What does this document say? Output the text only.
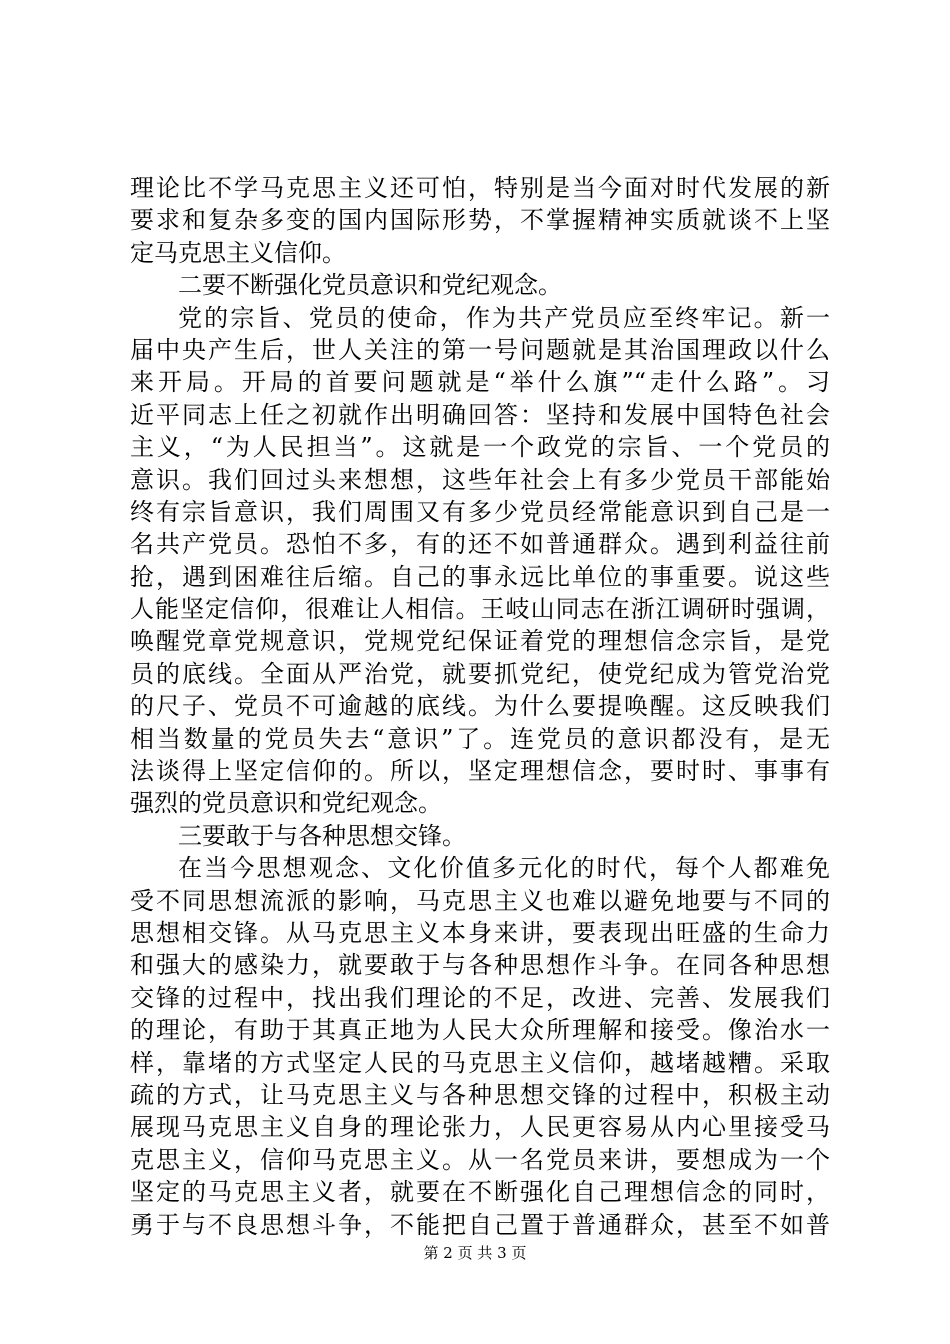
理论比不学马克思主义还可怕，特别是当今面对时代发展的新
要求和复杂多变的国内国际形势，不掌握精神实质就谈不上坚
定马克思主义信仰。
二要不断强化党员意识和党纪观念。
党的宗旨、党员的使命，作为共产党员应至终牢记。新一
届中央产生后，世人关注的第一号问题就是其治国理政以什么
来开局。开局的首要问题就是“举什么旗”“走什么路”。习
近平同志上任之初就作出明确回答：坚持和发展中国特色社会
主义，“为人民担当”。这就是一个政党的宗旨、一个党员的
意识。我们回过头来想想，这些年社会上有多少党员干部能始
终有宗旨意识，我们周围又有多少党员经常能意识到自己是一
名共产党员。恐怕不多，有的还不如普通群众。遇到利益往前
抢，遇到困难往后缩。自己的事永远比单位的事重要。说这些
人能坚定信仰，很难让人相信。王岐山同志在浙江调研时强调，
唤醒党章党规意识，党规党纪保证着党的理想信念宗旨，是党
员的底线。全面从严治党，就要抓党纪，使党纪成为管党治党
的尺子、党员不可逾越的底线。为什么要提唤醒。这反映我们
相当数量的党员失去“意识”了。连党员的意识都没有，是无
法谈得上坚定信仰的。所以，坚定理想信念，要时时、事事有
强烈的党员意识和党纪观念。
三要敢于与各种思想交锋。
在当今思想观念、文化价值多元化的时代，每个人都难免
受不同思想流派的影响，马克思主义也难以避免地要与不同的
思想相交锋。从马克思主义本身来讲，要表现出旺盛的生命力
和强大的感染力，就要敢于与各种思想作斗争。在同各种思想
交锋的过程中，找出我们理论的不足，改进、完善、发展我们
的理论，有助于其真正地为人民大众所理解和接受。像治水一
样，靠堵的方式坚定人民的马克思主义信仰，越堵越糟。采取
疏的方式，让马克思主义与各种思想交锋的过程中，积极主动
展现马克思主义自身的理论张力，人民更容易从内心里接受马
克思主义，信仰马克思主义。从一名党员来讲，要想成为一个
坚定的马克思主义者，就要在不断强化自己理想信念的同时，
勇于与不良思想斗争，不能把自己置于普通群众，甚至不如普
第 2 页 共 3 页
